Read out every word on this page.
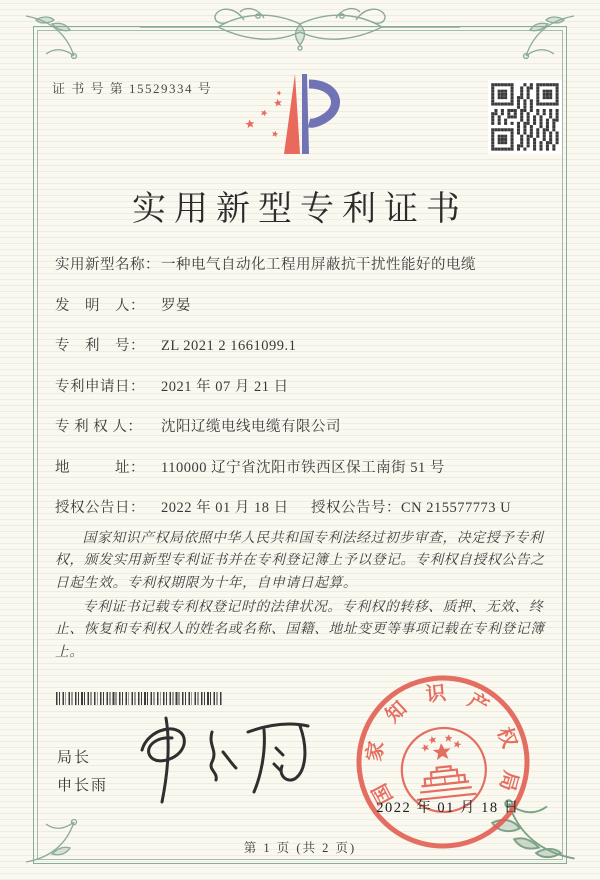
证 书 号 第 15529334 号
实用新型专利证书
实用新型名称： 一种电气自动化工程用屏蔽抗干扰性能好的电缆
发　明　人：	罗晏
专　利　号：	ZL 2021 2 1661099.1
专利申请日：	2021 年 07 月 21 日
专 利 权 人：	沈阳辽缆电线电缆有限公司
地　　　址：	110000 辽宁省沈阳市铁西区保工南街 51 号
授权公告日：	2022 年 01 月 18 日	授权公告号： CN 215577773 U

国家知识产权局依照中华人民共和国专利法经过初步审查，决定授予专利权，颁发实用新型专利证书并在专利登记簿上予以登记。专利权自授权公告之日起生效。专利权期限为十年，自申请日起算。

专利证书记载专利权登记时的法律状况。专利权的转移、质押、无效、终止、恢复和专利权人的姓名或名称、国籍、地址变更等事项记载在专利登记簿上。

局长
申长雨	国
家
知
识 产
权
局
2022 年 01 月 18 日
第 1 页 (共 2 页)
